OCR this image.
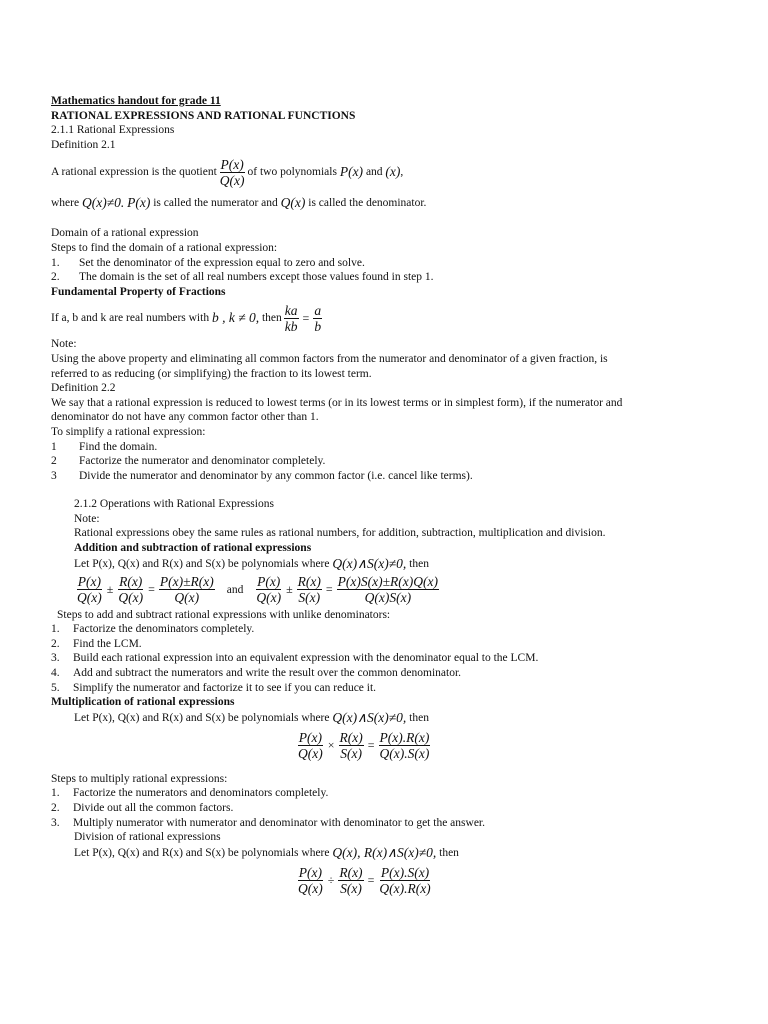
Mathematics handout for grade 11
RATIONAL EXPRESSIONS AND RATIONAL FUNCTIONS
2.1.1 Rational Expressions
Definition 2.1
A rational expression is the quotient $\frac{P(x)}{Q(x)}$ of two polynomials
P(x)
and
(x) ,
where
Q(x)≠0.
P(x)
is called the numerator and
Q(x)
is called the denominator.
Domain of a rational expression
Steps to find the domain of a rational expression:
1.	Set the denominator of the expression equal to zero and solve.
2.	The domain is the set of all real numbers except those values found in step 1.
Fundamental Property of Fractions
If a, b and k are real numbers with
b , k ≠ 0,
then $\frac{ka}{kb} = \frac{a}{b}$
Note:
Using the above property and eliminating all common factors from the numerator and denominator of a given fraction, is
referred to as reducing (or simplifying) the fraction to its lowest term.
Definition 2.2
We say that a rational expression is reduced to lowest terms (or in its lowest terms or in simplest form), if the numerator and
denominator do not have any common factor other than 1.
To simplify a rational expression:
1	Find the domain.
2	Factorize the numerator and denominator completely.
3	Divide the numerator and denominator by any common factor (i.e. cancel like terms).
2.1.2 Operations with Rational Expressions
Note:
Rational expressions obey the same rules as rational numbers, for addition, subtraction, multiplication and division.
Addition and subtraction of rational expressions
Let P(x), Q(x) and R(x) and S(x) be polynomials where
Q(x)∧S(x)≠0,
then
$\frac{P(x)}{Q(x)} \pm \frac{R(x)}{Q(x)} = \frac{P(x)\pm R(x)}{Q(x)}$	and $\frac{P(x)}{Q(x)} \pm \frac{R(x)}{S(x)} = \frac{P(x)S(x)\pm R(x)Q(x)}{Q(x)S(x)}$
Steps to add and subtract rational expressions with unlike denominators:
1.	Factorize the denominators completely.
2.	Find the LCM.
3.	Build each rational expression into an equivalent expression with the denominator equal to the LCM.
4.	Add and subtract the numerators and write the result over the common denominator.
5.	Simplify the numerator and factorize it to see if you can reduce it.
Multiplication of rational expressions
Let P(x), Q(x) and R(x) and S(x) be polynomials where
Q(x)∧S(x)≠0,
then
$\frac{P(x)}{Q(x)} \times \frac{R(x)}{S(x)} = \frac{P(x).R(x)}{Q(x).S(x)}$
Steps to multiply rational expressions:
1.	Factorize the numerators and denominators completely.
2.	Divide out all the common factors.
3.	Multiply numerator with numerator and denominator with denominator to get the answer.
Division of rational expressions
Let P(x), Q(x) and R(x) and S(x) be polynomials where
Q(x), R(x)∧S(x)≠0,
then
$\frac{P(x)}{Q(x)} \div \frac{R(x)}{S(x)} = \frac{P(x).S(x)}{Q(x).R(x)}$
